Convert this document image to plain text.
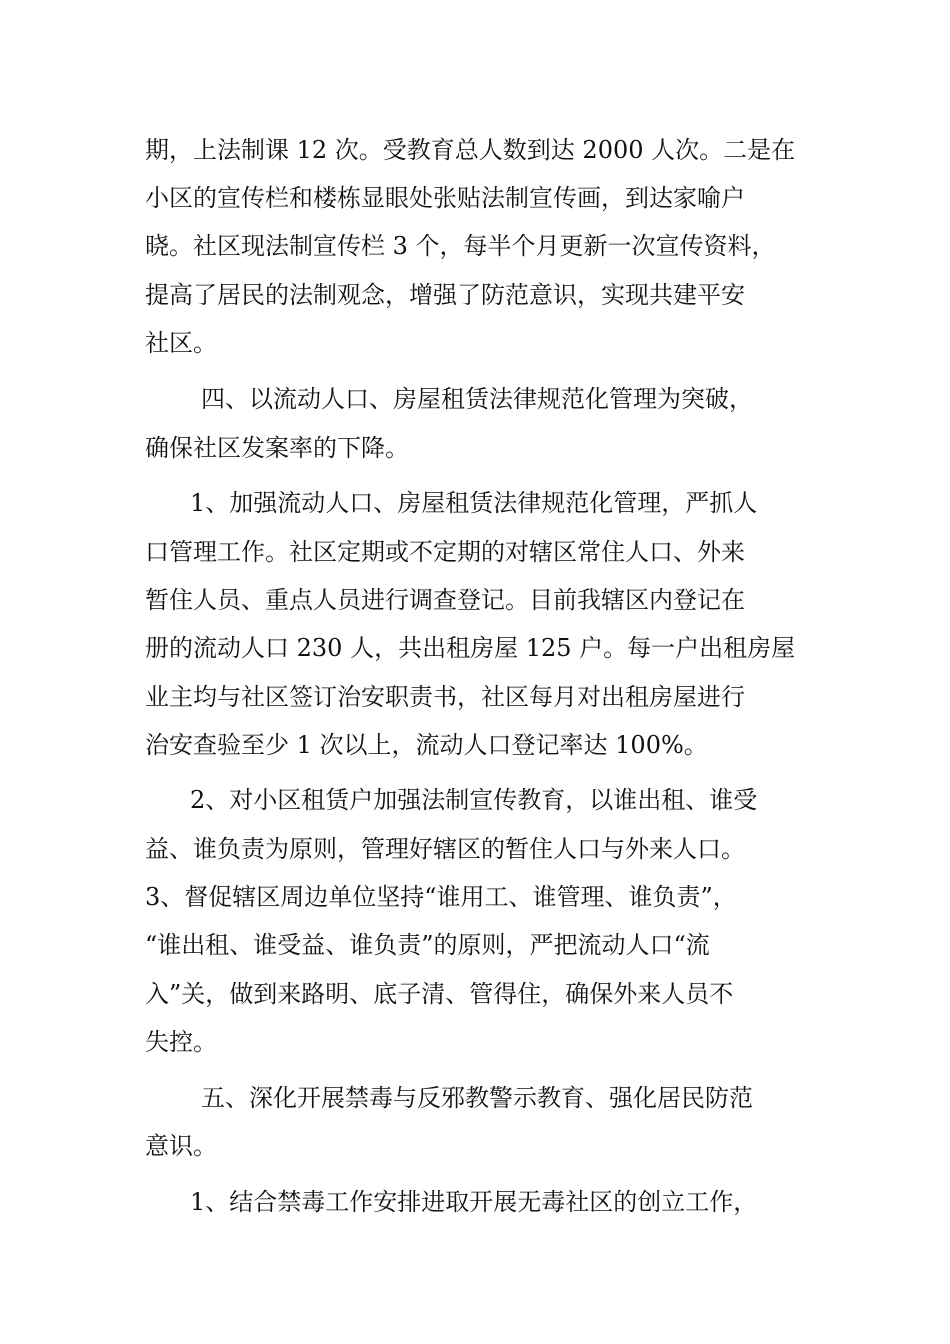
期，上法制课 12 次。受教育总人数到达 2000 人次。二是在
小区的宣传栏和楼栋显眼处张贴法制宣传画，到达家喻户
晓。社区现法制宣传栏 3 个，每半个月更新一次宣传资料，
提高了居民的法制观念，增强了防范意识，实现共建平安
社区。
四、以流动人口、房屋租赁法律规范化管理为突破，
确保社区发案率的下降。
1、加强流动人口、房屋租赁法律规范化管理，严抓人
口管理工作。社区定期或不定期的对辖区常住人口、外来
暂住人员、重点人员进行调查登记。目前我辖区内登记在
册的流动人口 230 人，共出租房屋 125 户。每一户出租房屋
业主均与社区签订治安职责书，社区每月对出租房屋进行
治安查验至少 1 次以上，流动人口登记率达 100%。
2、对小区租赁户加强法制宣传教育，以谁出租、谁受
益、谁负责为原则，管理好辖区的暂住人口与外来人口。
3、督促辖区周边单位坚持“谁用工、谁管理、谁负责”，
“谁出租、谁受益、谁负责”的原则，严把流动人口“流
入”关，做到来路明、底子清、管得住，确保外来人员不
失控。
五、深化开展禁毒与反邪教警示教育、强化居民防范
意识。
1、结合禁毒工作安排进取开展无毒社区的创立工作，
